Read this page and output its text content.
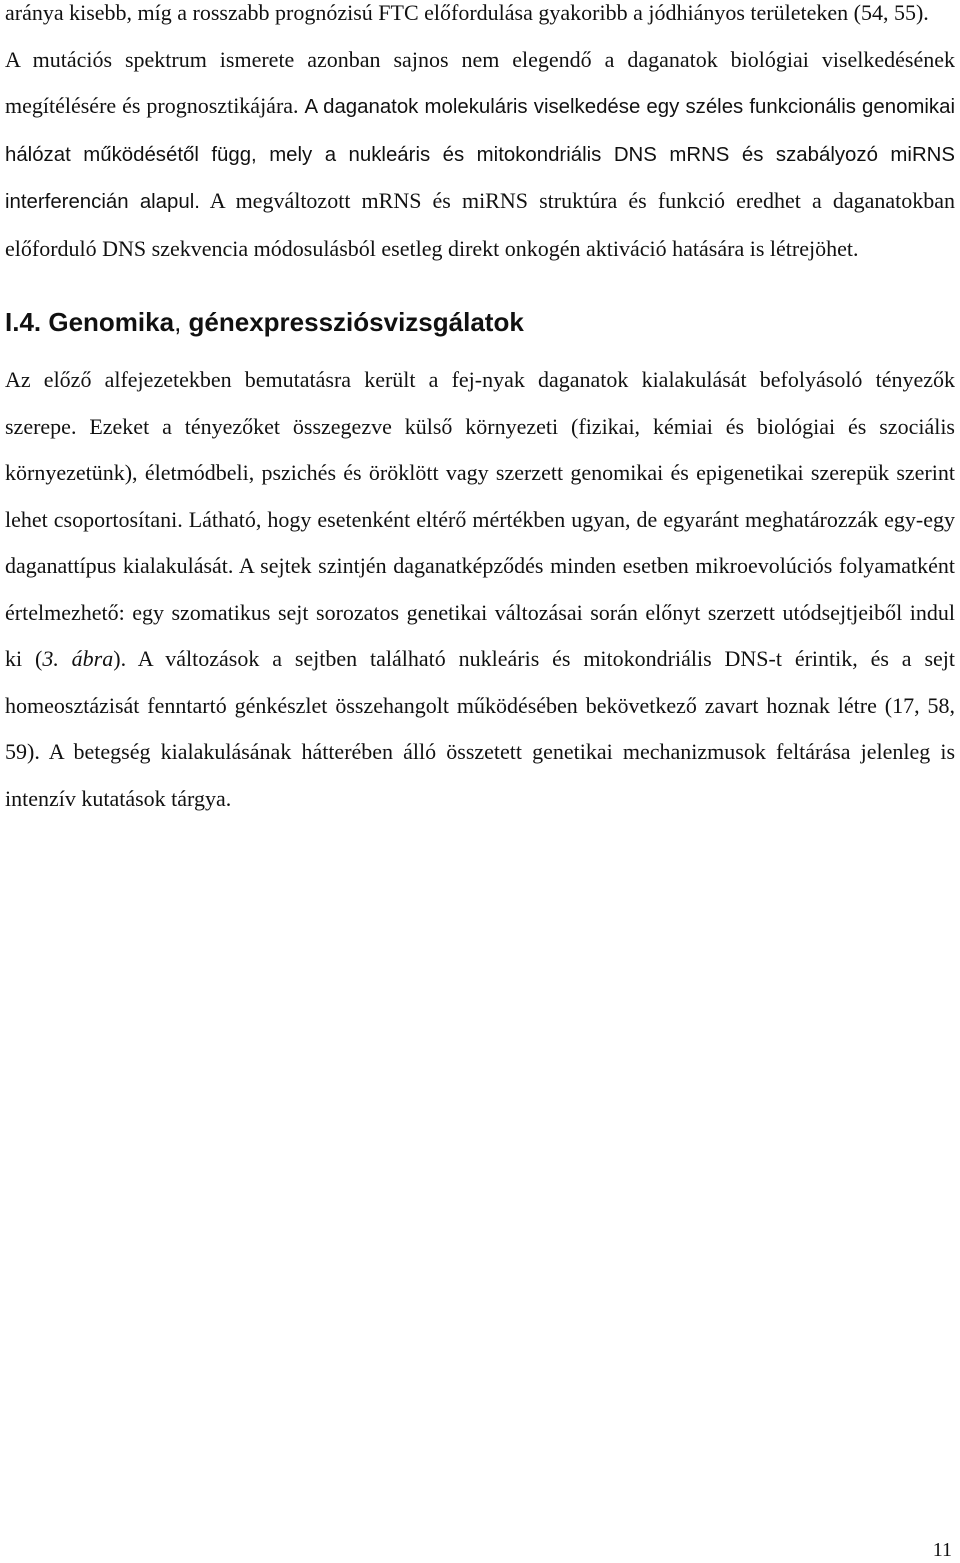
aránya kisebb, míg a rosszabb prognózisú FTC előfordulása gyakoribb a jódhiányos területeken (54, 55).

A mutációs spektrum ismerete azonban sajnos nem elegendő a daganatok biológiai viselkedésének megítélésére és prognosztikájára. A daganatok molekuláris viselkedése egy széles funkcionális genomikai hálózat működésétől függ, mely a nukleáris és mitokondriális DNS mRNS és szabályozó miRNS interferencián alapul. A megváltozott mRNS és miRNS struktúra és funkció eredhet a daganatokban előforduló DNS szekvencia módosulásból esetleg direkt onkogén aktiváció hatására is létrejöhet.

I.4. Genomika, génexpressziósvizsgálatok

Az előző alfejezetekben bemutatásra került a fej-nyak daganatok kialakulását befolyásoló tényezők szerepe. Ezeket a tényezőket összegezve külső környezeti (fizikai, kémiai és biológiai és szociális környezetünk), életmódbeli, pszichés és öröklött vagy szerzett genomikai és epigenetikai szerepük szerint lehet csoportosítani. Látható, hogy esetenként eltérő mértékben ugyan, de egyaránt meghatározzák egy-egy daganattípus kialakulását. A sejtek szintjén daganatképződés minden esetben mikroevolúciós folyamatként értelmezhető: egy szomatikus sejt sorozatos genetikai változásai során előnyt szerzett utódsejtjeiből indul ki (3. ábra). A változások a sejtben található nukleáris és mitokondriális DNS-t érintik, és a sejt homeosztázisát fenntartó génkészlet összehangolt működésében bekövetkező zavart hoznak létre (17, 58, 59). A betegség kialakulásának hátterében álló összetett genetikai mechanizmusok feltárása jelenleg is intenzív kutatások tárgya.

11
